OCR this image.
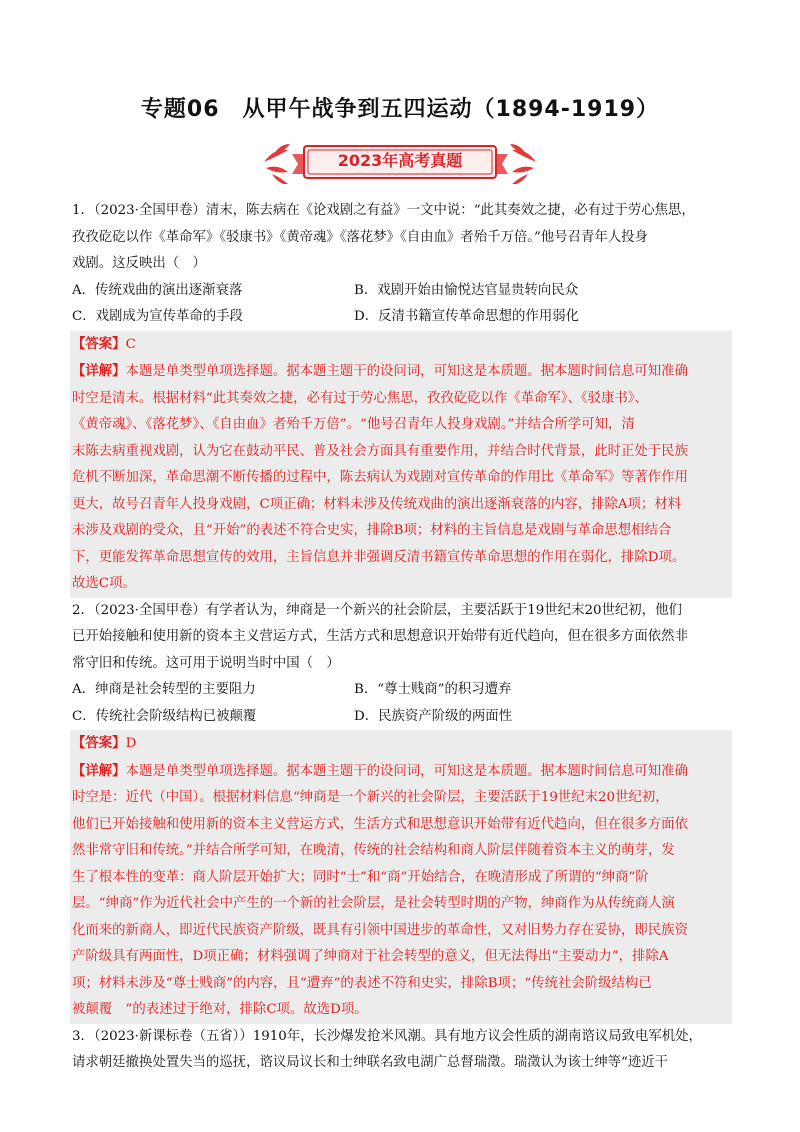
专题06　从甲午战争到五四运动（1894-1919）
2023年高考真题
1．（2023·全国甲卷）清末，陈去病在《论戏剧之有益》一文中说：“此其奏效之捷，必有过于劳心焦思，
孜孜矻矻以作《革命军》《驳康书》《黄帝魂》《落花梦》《自由血》者殆千万倍。”他号召青年人投身
戏剧。这反映出（　）
A．传统戏曲的演出逐渐衰落	B．戏剧开始由愉悦达官显贵转向民众
C．戏剧成为宣传革命的手段	D．反清书籍宣传革命思想的作用弱化
【答案】C
【详解】本题是单类型单项选择题。据本题主题干的设问词，可知这是本质题。据本题时间信息可知准确
时空是清末。根据材料“此其奏效之捷，必有过于劳心焦思，孜孜矻矻以作《革命军》、《驳康书》、
《黄帝魂》、《落花梦》、《自由血》者殆千万倍”。“他号召青年人投身戏剧。”并结合所学可知，清
末陈去病重视戏剧，认为它在鼓动平民、普及社会方面具有重要作用，并结合时代背景，此时正处于民族
危机不断加深，革命思潮不断传播的过程中，陈去病认为戏剧对宣传革命的作用比《革命军》等著作作用
更大，故号召青年人投身戏剧，C项正确；材料未涉及传统戏曲的演出逐渐衰落的内容，排除A项；材料
未涉及戏剧的受众，且“开始”的表述不符合史实，排除B项；材料的主旨信息是戏剧与革命思想相结合
下，更能发挥革命思想宣传的效用，主旨信息并非强调反清书籍宣传革命思想的作用在弱化，排除D项。
故选C项。
2．（2023·全国甲卷）有学者认为，绅商是一个新兴的社会阶层，主要活跃于19世纪末20世纪初，他们
已开始接触和使用新的资本主义营运方式，生活方式和思想意识开始带有近代趋向，但在很多方面依然非
常守旧和传统。这可用于说明当时中国（　）
A．绅商是社会转型的主要阻力	B．“尊士贱商”的积习遭弃
C．传统社会阶级结构已被颠覆	D．民族资产阶级的两面性
【答案】D
【详解】本题是单类型单项选择题。据本题主题干的设问词，可知这是本质题。据本题时间信息可知准确
时空是：近代（中国）。根据材料信息“绅商是一个新兴的社会阶层，主要活跃于19世纪末20世纪初，
他们已开始接触和使用新的资本主义营运方式，生活方式和思想意识开始带有近代趋向，但在很多方面依
然非常守旧和传统。”并结合所学可知，在晚清，传统的社会结构和商人阶层伴随着资本主义的萌芽，发
生了根本性的变革：商人阶层开始扩大；同时“士”和“商”开始结合，在晚清形成了所谓的“绅商”阶
层。“绅商”作为近代社会中产生的一个新的社会阶层，是社会转型时期的产物，绅商作为从传统商人演
化而来的新商人，即近代民族资产阶级，既具有引领中国进步的革命性，又对旧势力存在妥协，即民族资
产阶级具有两面性，D项正确；材料强调了绅商对于社会转型的意义，但无法得出“主要动力”，排除A
项；材料未涉及“尊士贱商”的内容，且“遭弃”的表述不符和史实，排除B项；“传统社会阶级结构已
被颠覆　”的表述过于绝对，排除C项。故选D项。
3．（2023·新课标卷（五省））1910年，长沙爆发抢米风潮。具有地方议会性质的湖南谘议局致电军机处，
请求朝廷撤换处置失当的巡抚，谘议局议长和士绅联名致电湖广总督瑞澂。瑞澂认为该士绅等“迹近干
